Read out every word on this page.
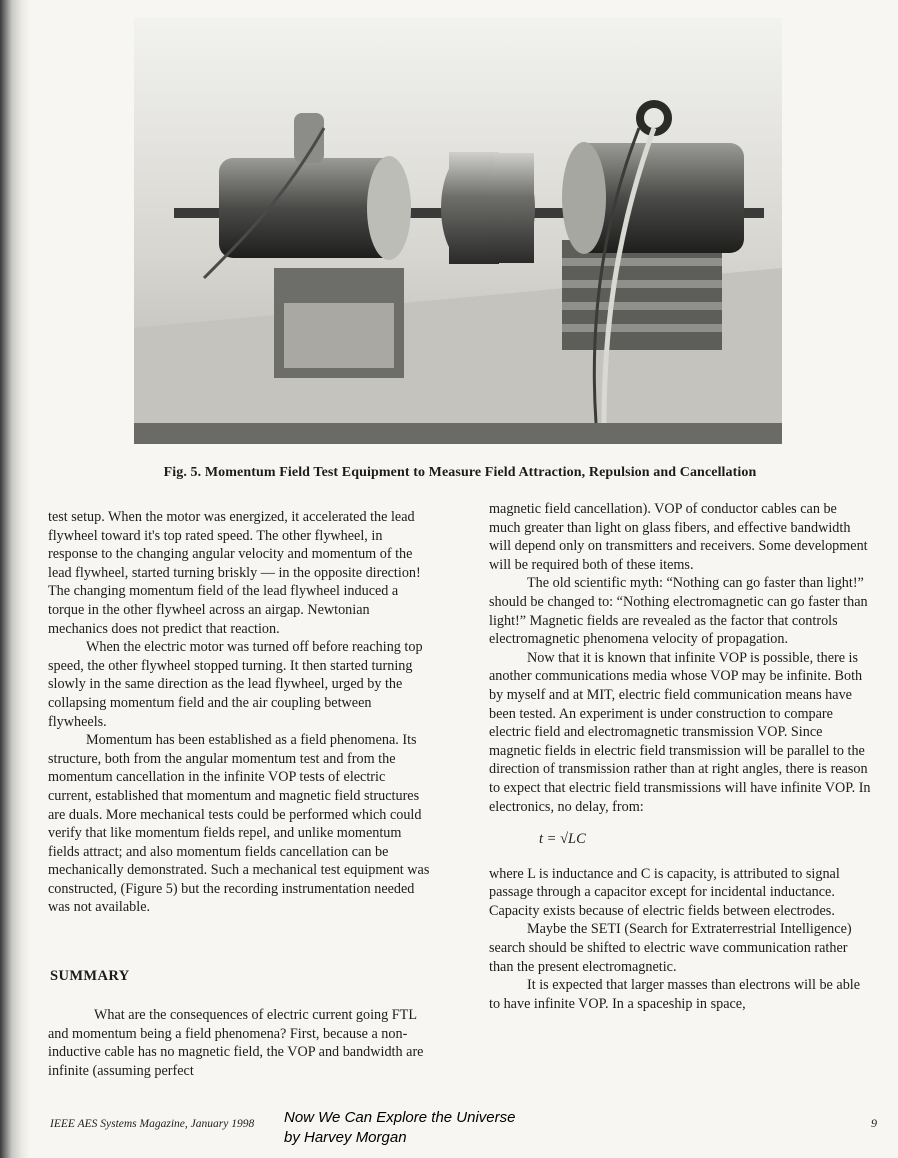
Fig. 5. Momentum Field Test Equipment to Measure Field Attraction, Repulsion and Cancellation

test setup. When the motor was energized, it accelerated the lead flywheel toward it's top rated speed. The other flywheel, in response to the changing angular velocity and momentum of the lead flywheel, started turning briskly — in the opposite direction! The changing momentum field of the lead flywheel induced a torque in the other flywheel across an airgap. Newtonian mechanics does not predict that reaction.

When the electric motor was turned off before reaching top speed, the other flywheel stopped turning. It then started turning slowly in the same direction as the lead flywheel, urged by the collapsing momentum field and the air coupling between flywheels.

Momentum has been established as a field phenomena. Its structure, both from the angular momentum test and from the momentum cancellation in the infinite VOP tests of electric current, established that momentum and magnetic field structures are duals. More mechanical tests could be performed which could verify that like momentum fields repel, and unlike momentum fields attract; and also momentum fields cancellation can be mechanically demonstrated. Such a mechanical test equipment was constructed, (Figure 5) but the recording instrumentation needed was not available.

SUMMARY

What are the consequences of electric current going FTL and momentum being a field phenomena? First, because a non-inductive cable has no magnetic field, the VOP and bandwidth are infinite (assuming perfect

magnetic field cancellation). VOP of conductor cables can be much greater than light on glass fibers, and effective bandwidth will depend only on transmitters and receivers. Some development will be required both of these items.

The old scientific myth: “Nothing can go faster than light!” should be changed to: “Nothing electromagnetic can go faster than light!” Magnetic fields are revealed as the factor that controls electromagnetic phenomena velocity of propagation.

Now that it is known that infinite VOP is possible, there is another communications media whose VOP may be infinite. Both by myself and at MIT, electric field communication means have been tested. An experiment is under construction to compare electric field and electromagnetic transmission VOP. Since magnetic fields in electric field transmission will be parallel to the direction of transmission rather than at right angles, there is reason to expect that electric field transmissions will have infinite VOP. In electronics, no delay, from:

t = √LC

where L is inductance and C is capacity, is attributed to signal passage through a capacitor except for incidental inductance. Capacity exists because of electric fields between electrodes.

Maybe the SETI (Search for Extraterrestrial Intelligence) search should be shifted to electric wave communication rather than the present electromagnetic.

It is expected that larger masses than electrons will be able to have infinite VOP. In a spaceship in space,

IEEE AES Systems Magazine, January 1998 Now We Can Explore the Universe
by Harvey Morgan
9
